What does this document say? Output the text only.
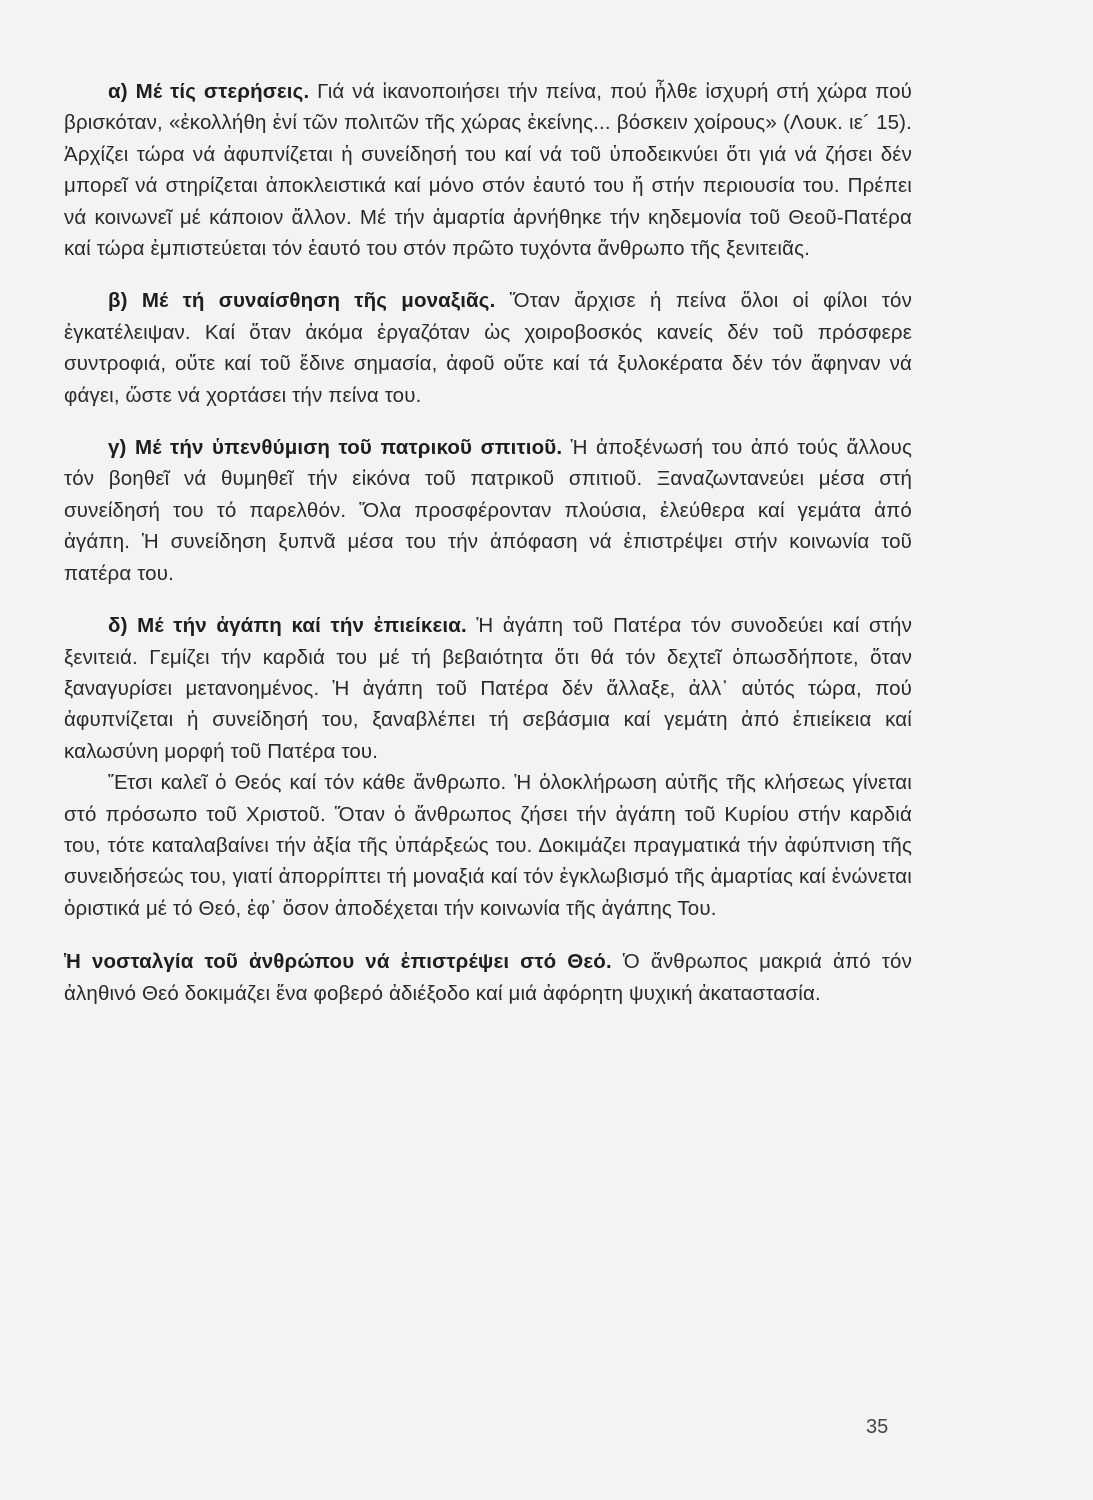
α) Μέ τίς στερήσεις. Γιά νά ἱκανοποιήσει τήν πείνα, πού ἦλθε ἰσχυρή στή χώρα πού βρισκόταν, «ἐκολλήθη ἑνί τῶν πολιτῶν τῆς χώρας ἐκείνης... βόσκειν χοίρους» (Λουκ. ιε´ 15). Ἀρχίζει τώρα νά ἀφυπνίζεται ἡ συνείδησή του καί νά τοῦ ὑποδεικνύει ὅτι γιά νά ζήσει δέν μπορεῖ νά στηρίζεται ἀποκλειστικά καί μόνο στόν ἑαυτό του ἤ στήν περιουσία του. Πρέπει νά κοινωνεῖ μέ κάποιον ἄλλον. Μέ τήν ἁμαρτία ἀρνήθηκε τήν κηδεμονία τοῦ Θεοῦ-Πατέρα καί τώρα ἐμπιστεύεται τόν ἑαυτό του στόν πρῶτο τυχόντα ἄνθρωπο τῆς ξενιτειᾶς.

β) Μέ τή συναίσθηση τῆς μοναξιᾶς. Ὅταν ἄρχισε ἡ πείνα ὅλοι οἱ φίλοι τόν ἐγκατέλειψαν. Καί ὅταν ἀκόμα ἐργαζόταν ὡς χοιροβοσκός κανείς δέν τοῦ πρόσφερε συντροφιά, οὔτε καί τοῦ ἔδινε σημασία, ἀφοῦ οὔτε καί τά ξυλοκέρατα δέν τόν ἄφηναν νά φάγει, ὥστε νά χορτάσει τήν πείνα του.

γ) Μέ τήν ὑπενθύμιση τοῦ πατρικοῦ σπιτιοῦ. Ἡ ἀποξένωσή του ἀπό τούς ἄλλους τόν βοηθεῖ νά θυμηθεῖ τήν εἰκόνα τοῦ πατρικοῦ σπιτιοῦ. Ξαναζωντανεύει μέσα στή συνείδησή του τό παρελθόν. Ὅλα προσφέρονταν πλούσια, ἐλεύθερα καί γεμάτα ἀπό ἀγάπη. Ἡ συνείδηση ξυπνᾶ μέσα του τήν ἀπόφαση νά ἐπιστρέψει στήν κοινωνία τοῦ πατέρα του.

δ) Μέ τήν ἀγάπη καί τήν ἐπιείκεια. Ἡ ἀγάπη τοῦ Πατέρα τόν συνοδεύει καί στήν ξενιτειά. Γεμίζει τήν καρδιά του μέ τή βεβαιότητα ὅτι θά τόν δεχτεῖ ὁπωσδήποτε, ὅταν ξαναγυρίσει μετανοημένος. Ἡ ἀγάπη τοῦ Πατέρα δέν ἄλλαξε, ἀλλ᾽ αὐτός τώρα, πού ἀφυπνίζεται ἡ συνείδησή του, ξαναβλέπει τή σεβάσμια καί γεμάτη ἀπό ἐπιείκεια καί καλωσύνη μορφή τοῦ Πατέρα του.

Ἔτσι καλεῖ ὁ Θεός καί τόν κάθε ἄνθρωπο. Ἡ ὁλοκλήρωση αὐτῆς τῆς κλήσεως γίνεται στό πρόσωπο τοῦ Χριστοῦ. Ὅταν ὁ ἄνθρωπος ζήσει τήν ἀγάπη τοῦ Κυρίου στήν καρδιά του, τότε καταλαβαίνει τήν ἀξία τῆς ὑπάρξεώς του. Δοκιμάζει πραγματικά τήν ἀφύπνιση τῆς συνειδήσεώς του, γιατί ἀπορρίπτει τή μοναξιά καί τόν ἐγκλωβισμό τῆς ἁμαρτίας καί ἑνώνεται ὁριστικά μέ τό Θεό, ἐφ᾽ ὅσον ἀποδέχεται τήν κοινωνία τῆς ἀγάπης Του.

Ἡ νοσταλγία τοῦ ἀνθρώπου νά ἐπιστρέψει στό Θεό. Ὁ ἄνθρωπος μακριά ἀπό τόν ἀληθινό Θεό δοκιμάζει ἕνα φοβερό ἀδιέξοδο καί μιά ἀφόρητη ψυχική ἀκαταστασία.

35
